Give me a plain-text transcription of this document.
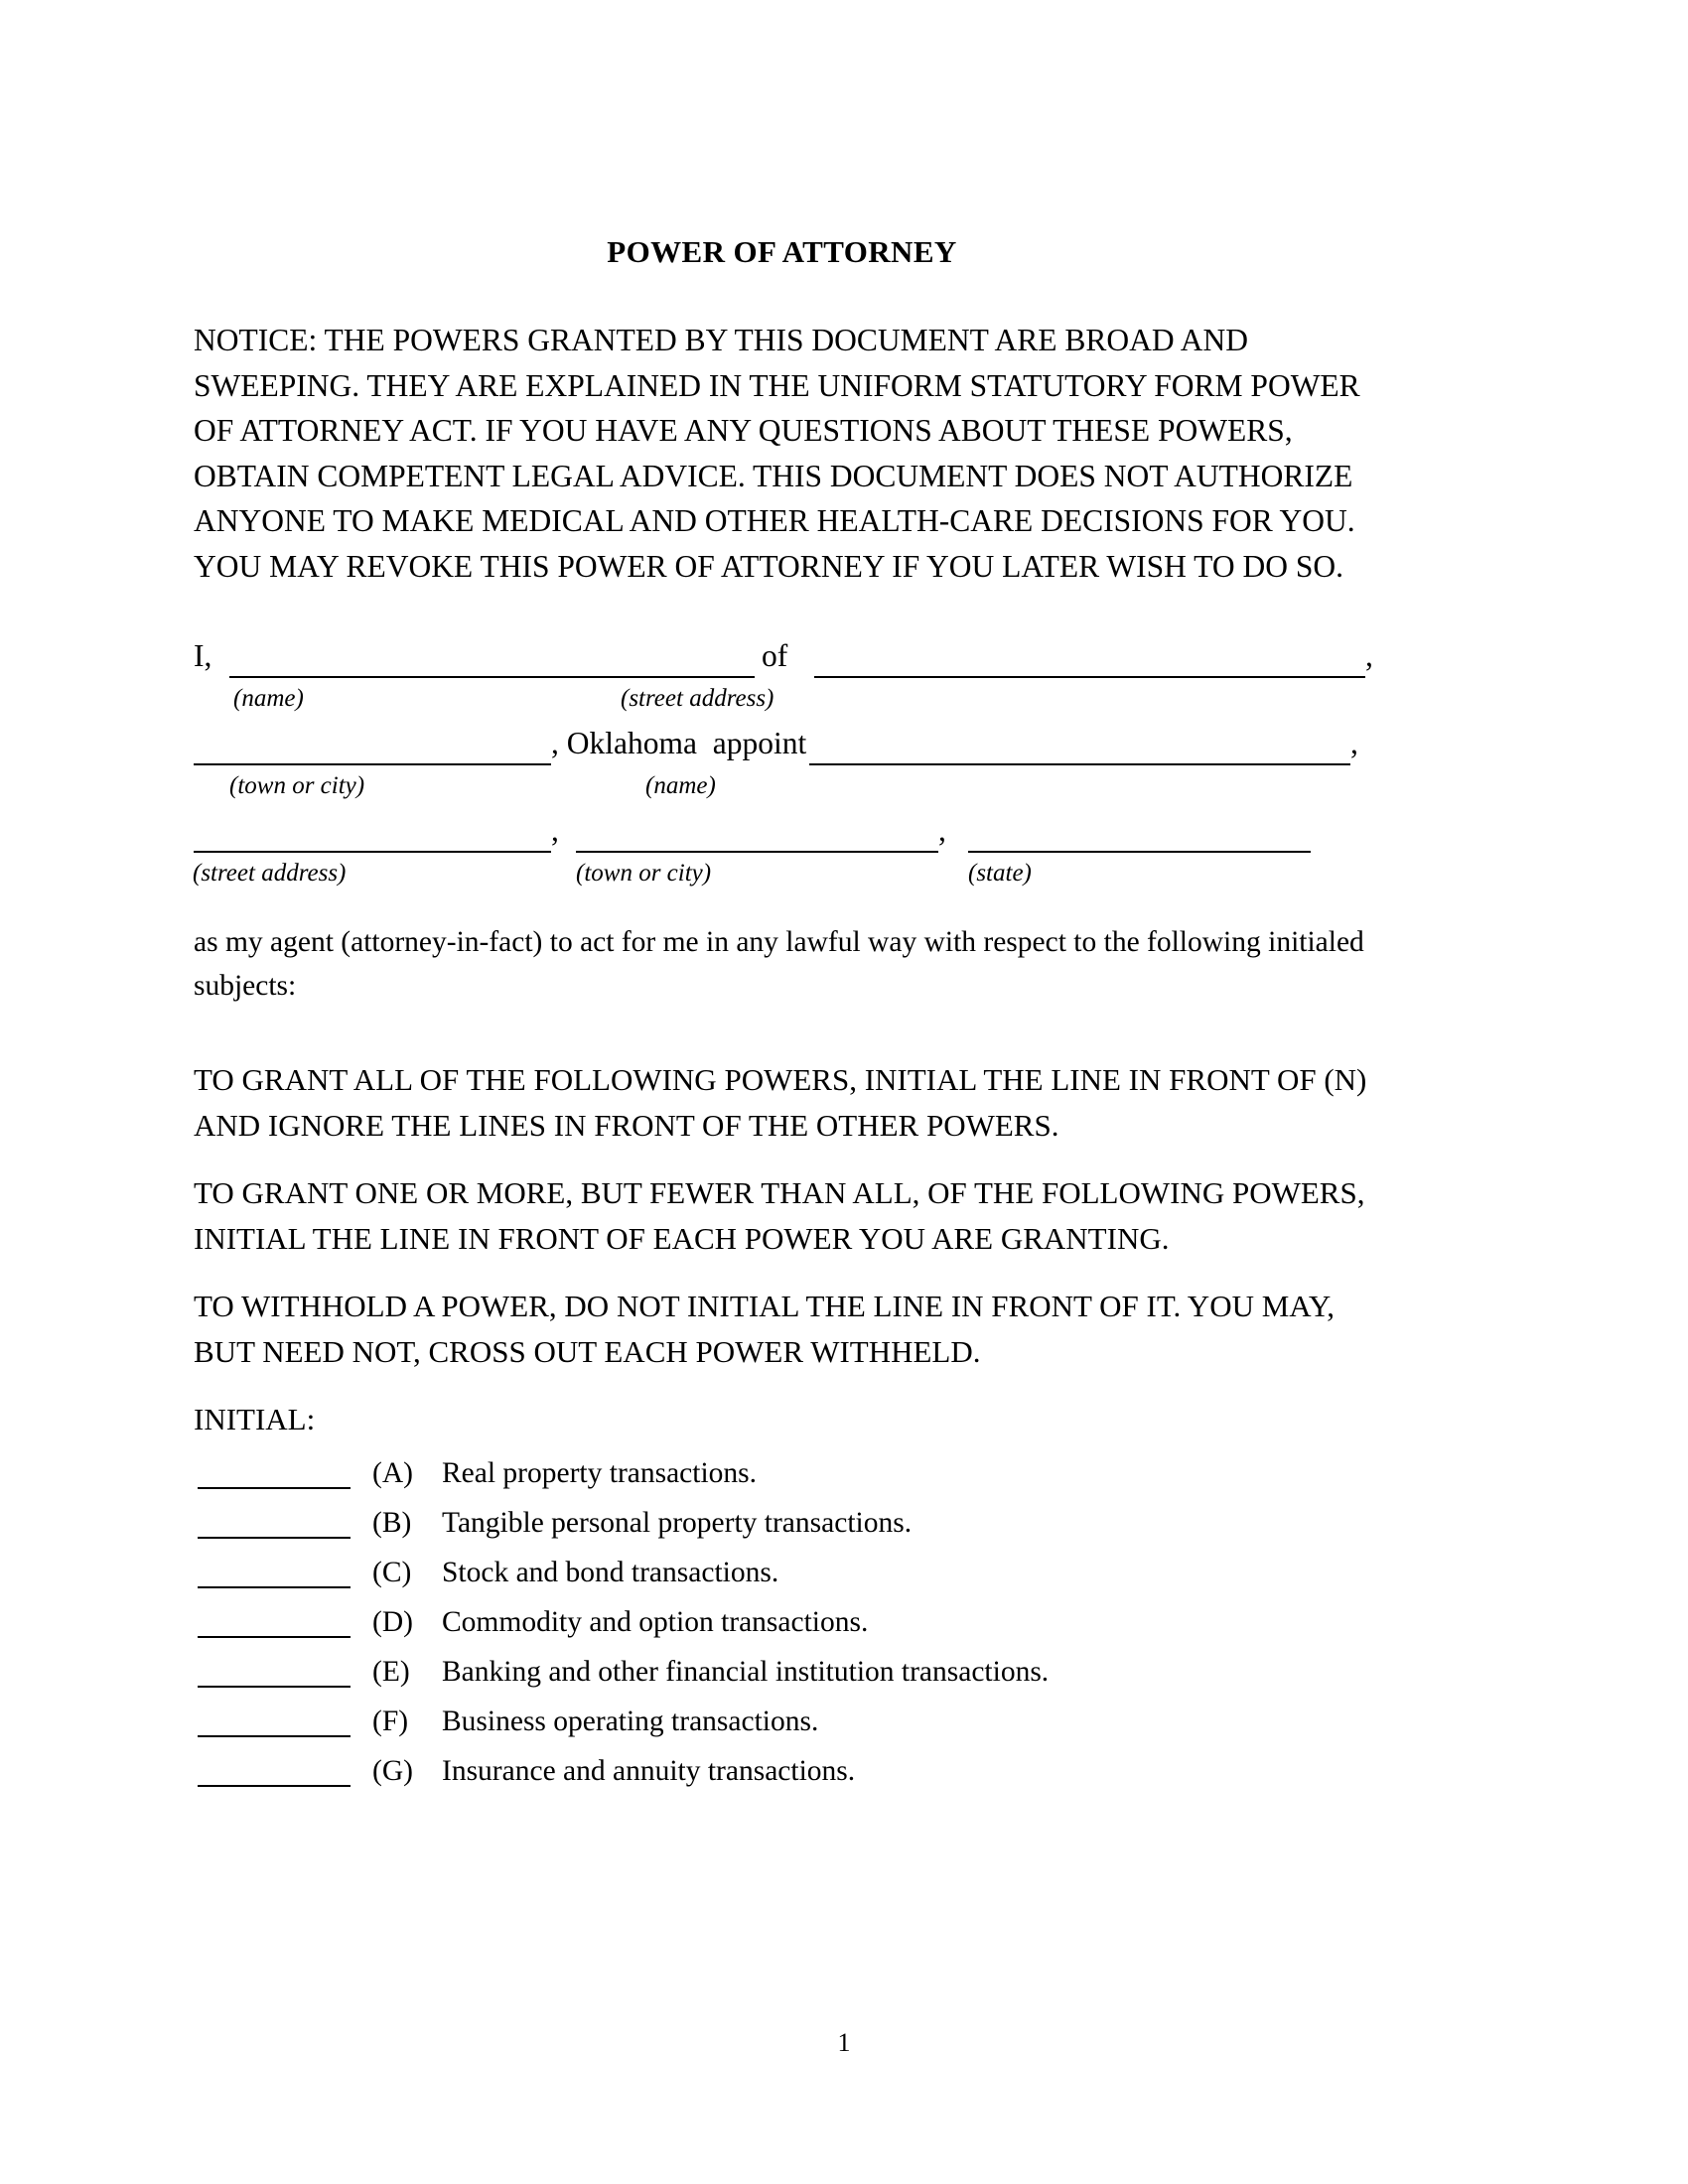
POWER OF ATTORNEY

NOTICE: THE POWERS GRANTED BY THIS DOCUMENT ARE BROAD AND SWEEPING. THEY ARE EXPLAINED IN THE UNIFORM STATUTORY FORM POWER OF ATTORNEY ACT. IF YOU HAVE ANY QUESTIONS ABOUT THESE POWERS, OBTAIN COMPETENT LEGAL ADVICE. THIS DOCUMENT DOES NOT AUTHORIZE ANYONE TO MAKE MEDICAL AND OTHER HEALTH-CARE DECISIONS FOR YOU. YOU MAY REVOKE THIS POWER OF ATTORNEY IF YOU LATER WISH TO DO SO.

I,	of	,
(name)	(street address)
, Oklahoma appoint	,
(town or city)	(name)
,	,
(street address)	(town or city)	(state)

as my agent (attorney-in-fact) to act for me in any lawful way with respect to the following initialed subjects:

TO GRANT ALL OF THE FOLLOWING POWERS, INITIAL THE LINE IN FRONT OF (N) AND IGNORE THE LINES IN FRONT OF THE OTHER POWERS.

TO GRANT ONE OR MORE, BUT FEWER THAN ALL, OF THE FOLLOWING POWERS, INITIAL THE LINE IN FRONT OF EACH POWER YOU ARE GRANTING.

TO WITHHOLD A POWER, DO NOT INITIAL THE LINE IN FRONT OF IT. YOU MAY, BUT NEED NOT, CROSS OUT EACH POWER WITHHELD.

INITIAL:

(A) Real property transactions.
(B) Tangible personal property transactions.
(C) Stock and bond transactions.
(D) Commodity and option transactions.
(E) Banking and other financial institution transactions.
(F) Business operating transactions.
(G) Insurance and annuity transactions.
1
